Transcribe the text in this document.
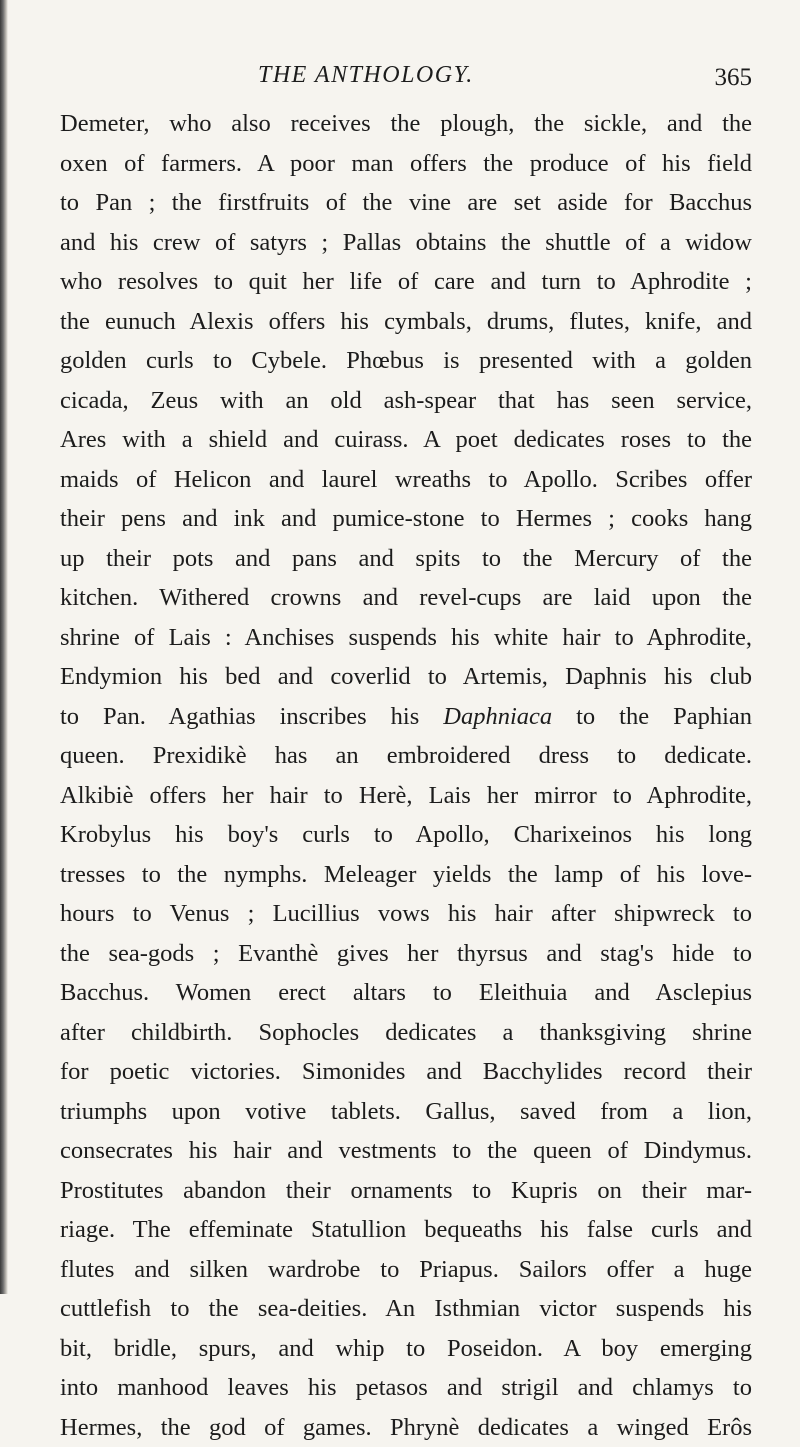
THE ANTHOLOGY.	365
Demeter, who also receives the plough, the sickle, and the
oxen of farmers. A poor man offers the produce of his field
to Pan ; the firstfruits of the vine are set aside for Bacchus
and his crew of satyrs ; Pallas obtains the shuttle of a widow
who resolves to quit her life of care and turn to Aphrodite ;
the eunuch Alexis offers his cymbals, drums, flutes, knife, and
golden curls to Cybele. Phœbus is presented with a golden
cicada, Zeus with an old ash-spear that has seen service,
Ares with a shield and cuirass. A poet dedicates roses to the
maids of Helicon and laurel wreaths to Apollo. Scribes offer
their pens and ink and pumice-stone to Hermes ; cooks hang
up their pots and pans and spits to the Mercury of the
kitchen. Withered crowns and revel-cups are laid upon the
shrine of Lais : Anchises suspends his white hair to Aphrodite,
Endymion his bed and coverlid to Artemis, Daphnis his club
to Pan. Agathias inscribes his Daphniaca to the Paphian
queen. Prexidikè has an embroidered dress to dedicate.
Alkibiè offers her hair to Herè, Lais her mirror to Aphrodite,
Krobylus his boy's curls to Apollo, Charixeinos his long
tresses to the nymphs. Meleager yields the lamp of his love-
hours to Venus ; Lucillius vows his hair after shipwreck to
the sea-gods ; Evanthè gives her thyrsus and stag's hide to
Bacchus. Women erect altars to Eleithuia and Asclepius
after childbirth. Sophocles dedicates a thanksgiving shrine
for poetic victories. Simonides and Bacchylides record their
triumphs upon votive tablets. Gallus, saved from a lion,
consecrates his hair and vestments to the queen of Dindymus.
Prostitutes abandon their ornaments to Kupris on their mar-
riage. The effeminate Statullion bequeaths his false curls and
flutes and silken wardrobe to Priapus. Sailors offer a huge
cuttlefish to the sea-deities. An Isthmian victor suspends his
bit, bridle, spurs, and whip to Poseidon. A boy emerging
into manhood leaves his petasos and strigil and chlamys to
Hermes, the god of games. Phrynè dedicates a winged Erôs
